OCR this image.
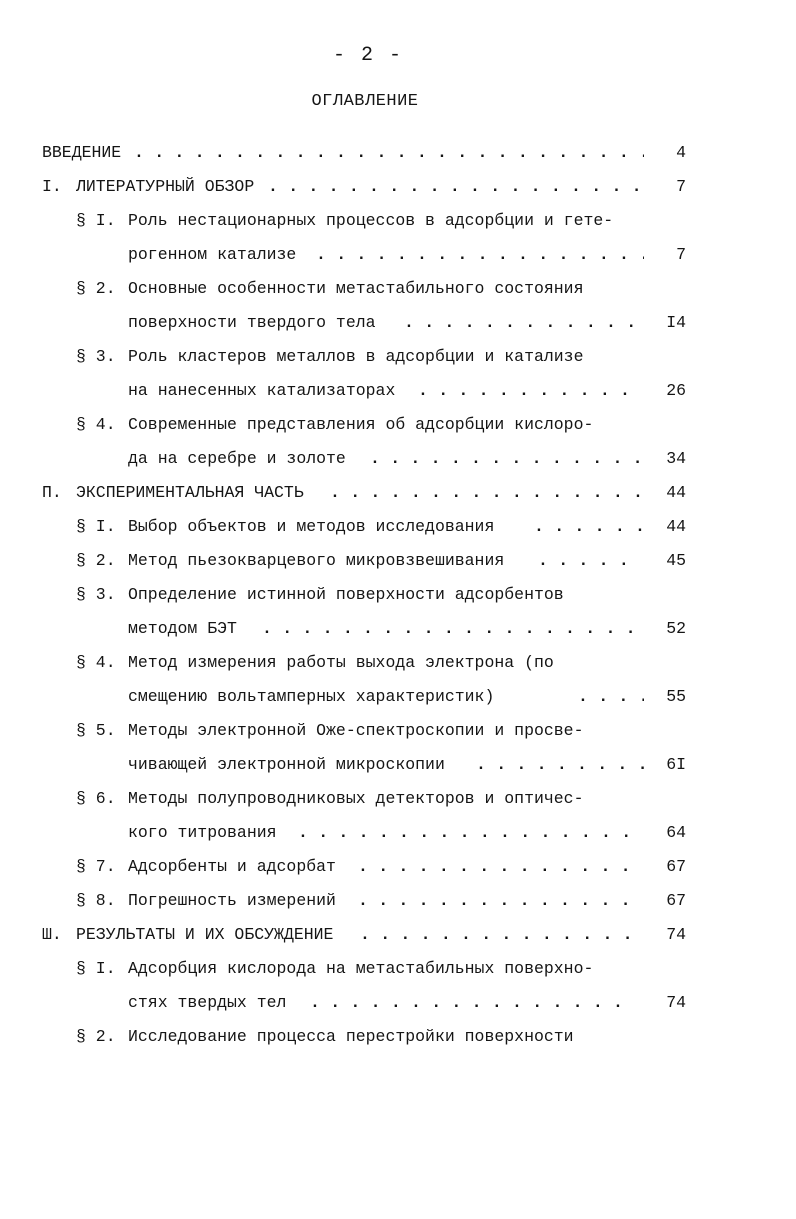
- 2 -
ОГЛАВЛЕНИЕ
ВВЕДЕНИЕ . . .	4
I. ЛИТЕРАТУРНЫЙ ОБЗОР . . .	7
§ I. Роль нестационарных процессов в адсорбции и гете-
рогенном катализе . . .	7
§ 2. Основные особенности метастабильного состояния
поверхности твердого тела . . .	I4
§ 3. Роль кластеров металлов в адсорбции и катализе
на нанесенных катализаторах . . .	26
§ 4. Современные представления об адсорбции кислоро-
да на серебре и золоте . . .	34
П. ЭКСПЕРИМЕНТАЛЬНАЯ ЧАСТЬ . . .	44
§ I. Выбор объектов и методов исследования . . .	44
§ 2. Метод пьезокварцевого микровзвешивания . . .	45
§ 3. Определение истинной поверхности адсорбентов
методом БЭТ . . .	52
§ 4. Метод измерения работы выхода электрона (по
смещению вольтамперных характеристик) . . .	55
§ 5. Методы электронной Оже-спектроскопии и просве-
чивающей электронной микроскопии . . .	6I
§ 6. Методы полупроводниковых детекторов и оптичес-
кого титрования . . .	64
§ 7. Адсорбенты и адсорбат . . .	67
§ 8. Погрешность измерений . . .	67
Ш. РЕЗУЛЬТАТЫ И ИХ ОБСУЖДЕНИЕ . . .	74
§ I. Адсорбция кислорода на метастабильных поверхно-
стях твердых тел . . .	74
§ 2. Исследование процесса перестройки поверхности
